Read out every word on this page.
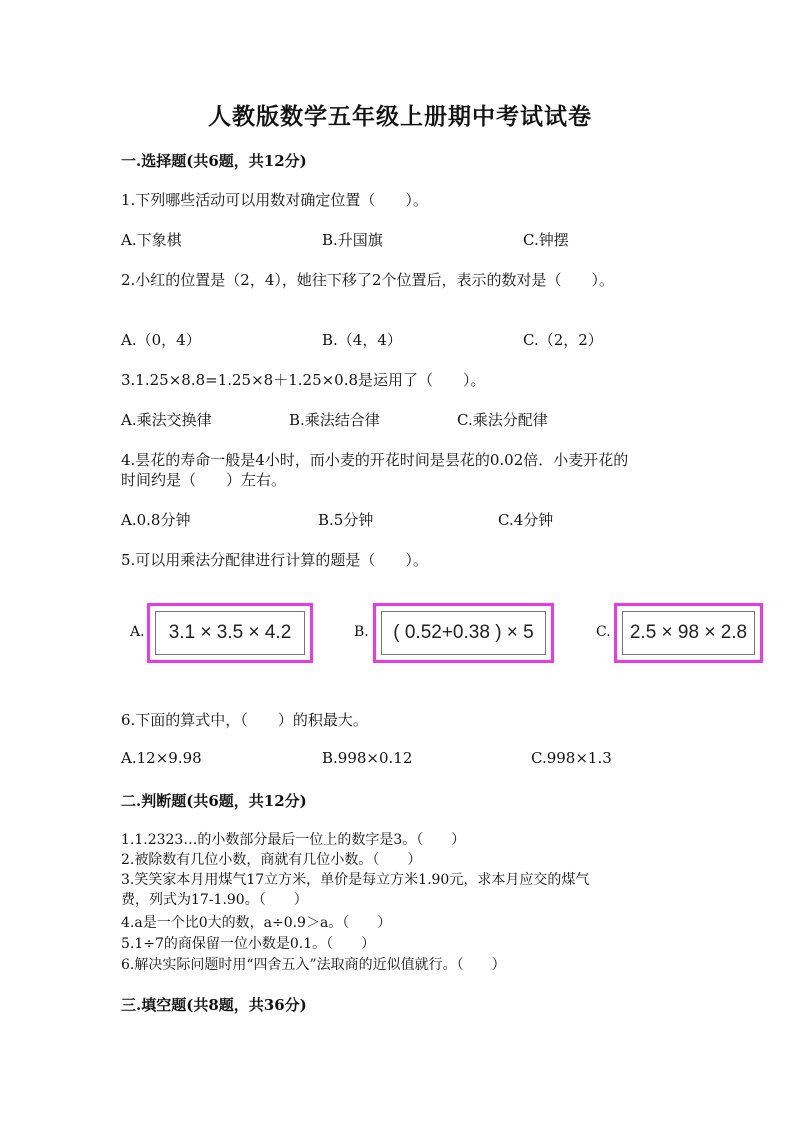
人教版数学五年级上册期中考试试卷
一.选择题(共6题，共12分)
1.下列哪些活动可以用数对确定位置（　　）。
A.下象棋	B.升国旗	C.钟摆
2.小红的位置是（2，4），她往下移了2个位置后，表示的数对是（　　）。
A.（0，4）	B.（4，4）	C.（2，2）
3.1.25×8.8=1.25×8＋1.25×0.8是运用了（　　）。
A.乘法交换律	B.乘法结合律	C.乘法分配律
4.昙花的寿命一般是4小时，而小麦的开花时间是昙花的0.02倍．小麦开花的
时间约是（　　）左右。
A.0.8分钟	B.5分钟	C.4分钟
5.可以用乘法分配律进行计算的题是（　　）。
A.	3.1 × 3.5 × 4.2	B.	( 0.52+0.38 ) × 5	C.	2.5 × 98 × 2.8
6.下面的算式中，（　　）的积最大。
A.12×9.98	B.998×0.12	C.998×1.3
二.判断题(共6题，共12分)
1.1.2323…的小数部分最后一位上的数字是3。（　　）
2.被除数有几位小数，商就有几位小数。（　　）
3.笑笑家本月用煤气17立方米，单价是每立方米1.90元，求本月应交的煤气
费，列式为17-1.90。（　　）
4.a是一个比0大的数，a÷0.9＞a。（　　）
5.1÷7的商保留一位小数是0.1。（　　）
6.解决实际问题时用“四舍五入”法取商的近似值就行。（　　）
三.填空题(共8题，共36分)
